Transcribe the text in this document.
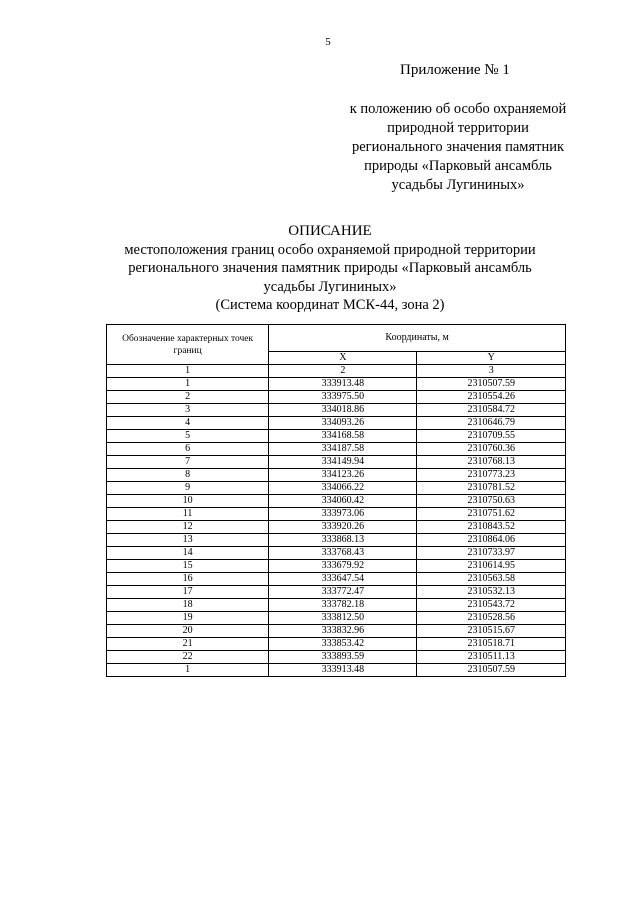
5
Приложение № 1
к положению об особо охраняемой
природной территории
регионального значения памятник
природы «Парковый ансамбль
усадьбы Лугининых»
ОПИСАНИЕ
местоположения границ особо охраняемой природной территории
регионального значения памятник природы «Парковый ансамбль
усадьбы Лугининых»
(Система координат МСК-44, зона 2)
Обозначение характерных точек границ	Координаты, м	
	X	Y
1	2	3
1	333913.48	2310507.59
2	333975.50	2310554.26
3	334018.86	2310584.72
4	334093.26	2310646.79
5	334168.58	2310709.55
6	334187.58	2310760.36
7	334149.94	2310768.13
8	334123.26	2310773.23
9	334066.22	2310781.52
10	334060.42	2310750.63
11	333973.06	2310751.62
12	333920.26	2310843.52
13	333868.13	2310864.06
14	333768.43	2310733.97
15	333679.92	2310614.95
16	333647.54	2310563.58
17	333772.47	2310532.13
18	333782.18	2310543.72
19	333812.50	2310528.56
20	333832.96	2310515.67
21	333853.42	2310518.71
22	333893.59	2310511.13
1	333913.48	2310507.59
